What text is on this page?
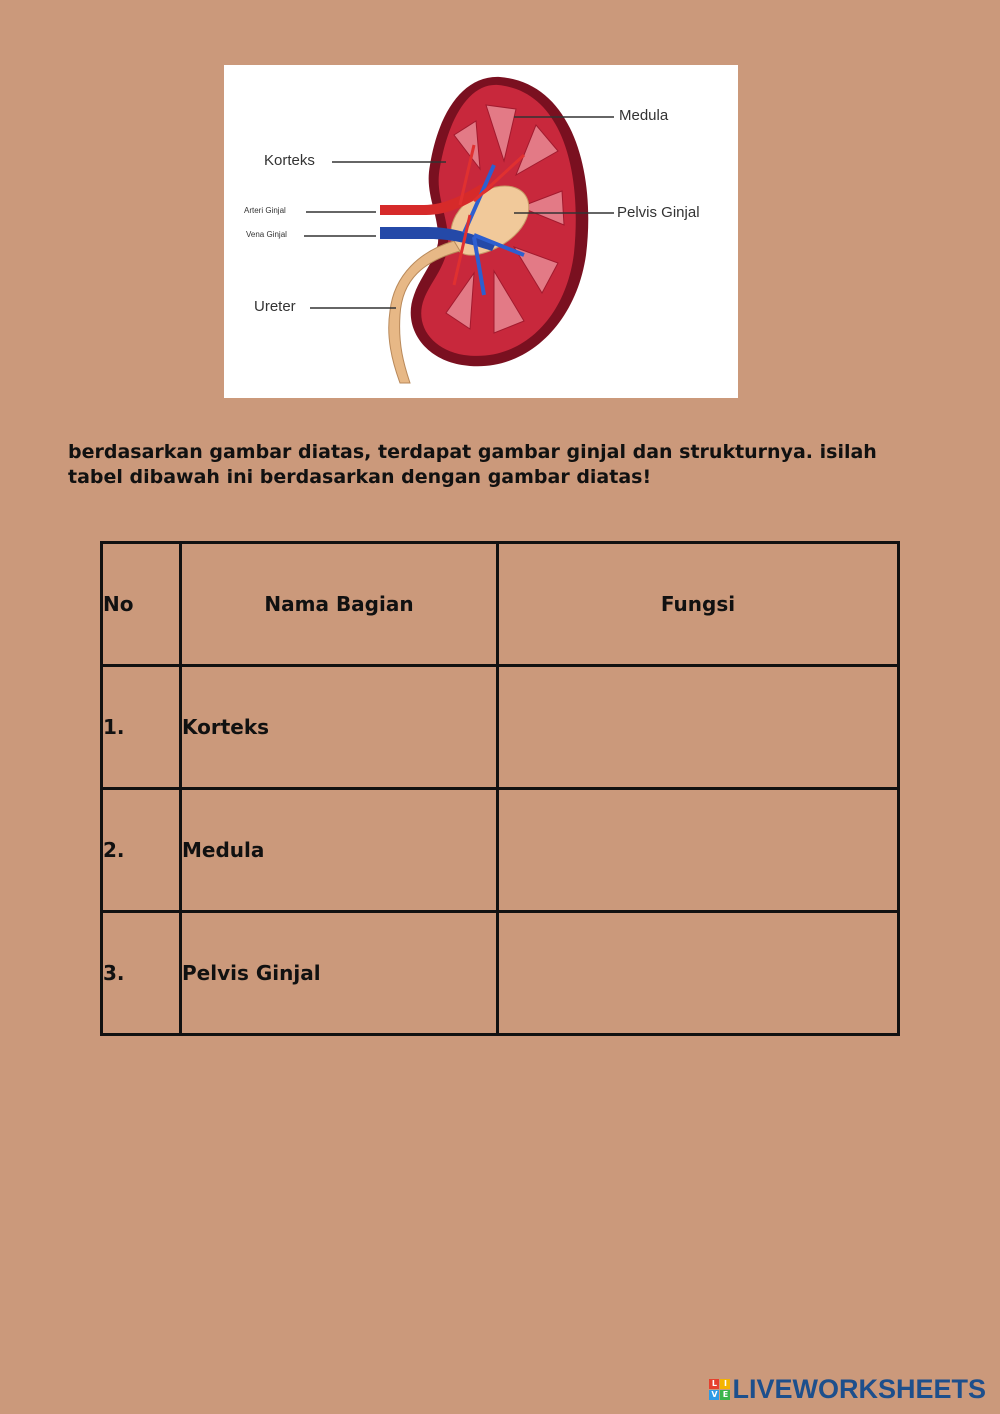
Medula
Korteks
Arteri Ginjal
Vena Ginjal
Pelvis Ginjal
Ureter
berdasarkan gambar diatas, terdapat gambar ginjal dan strukturnya. isilah tabel dibawah ini berdasarkan dengan gambar diatas!
No	Nama Bagian	Fungsi
1.	Korteks	
2.	Medula	
3.	Pelvis Ginjal	
L I
V E LIVEWORKSHEETS
